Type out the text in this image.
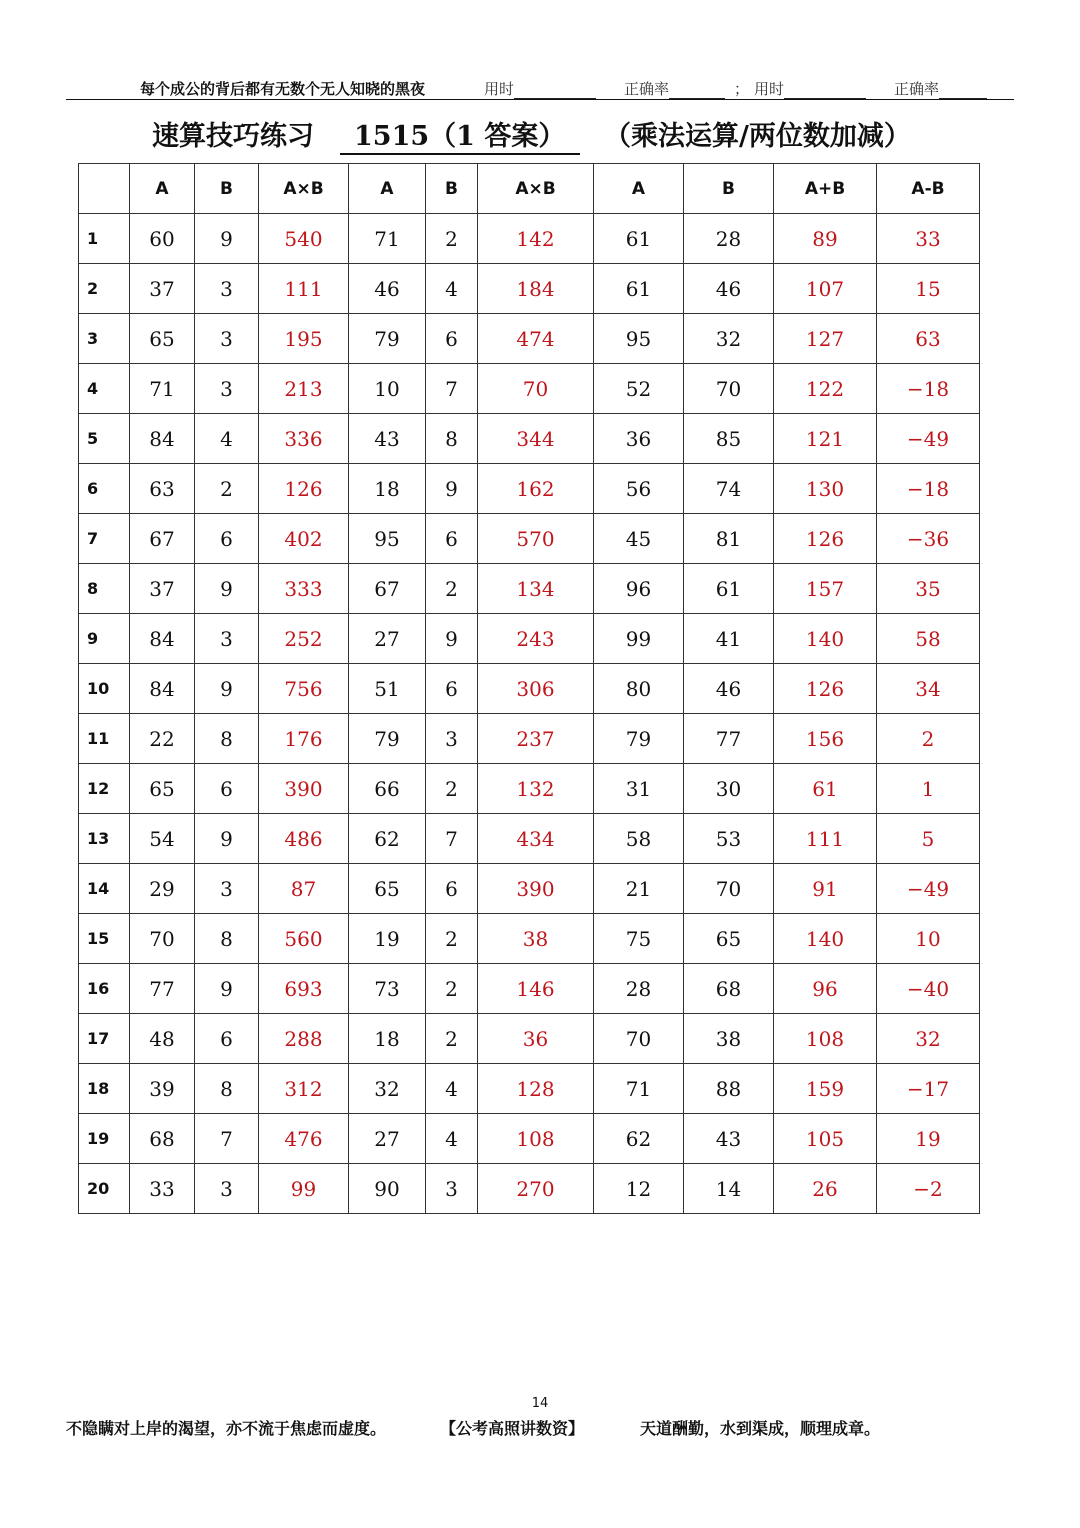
每个成公的背后都有无数个无人知晓的黑夜	用时	正确率	； 用时	正确率
速算技巧练习	1515（1 答案）	（乘法运算/两位数加减）
	A	B	A×B	A	B	A×B	A	B	A+B	A-B
1	60	9	540	71	2	142	61	28	89	33
2	37	3	111	46	4	184	61	46	107	15
3	65	3	195	79	6	474	95	32	127	63
4	71	3	213	10	7	70	52	70	122	−18
5	84	4	336	43	8	344	36	85	121	−49
6	63	2	126	18	9	162	56	74	130	−18
7	67	6	402	95	6	570	45	81	126	−36
8	37	9	333	67	2	134	96	61	157	35
9	84	3	252	27	9	243	99	41	140	58
10	84	9	756	51	6	306	80	46	126	34
11	22	8	176	79	3	237	79	77	156	2
12	65	6	390	66	2	132	31	30	61	1
13	54	9	486	62	7	434	58	53	111	5
14	29	3	87	65	6	390	21	70	91	−49
15	70	8	560	19	2	38	75	65	140	10
16	77	9	693	73	2	146	28	68	96	−40
17	48	6	288	18	2	36	70	38	108	32
18	39	8	312	32	4	128	71	88	159	−17
19	68	7	476	27	4	108	62	43	105	19
20	33	3	99	90	3	270	12	14	26	−2
14
不隐瞒对上岸的渴望，亦不流于焦虑而虚度。	【公考高照讲数资】	天道酬勤，水到渠成，顺理成章。
